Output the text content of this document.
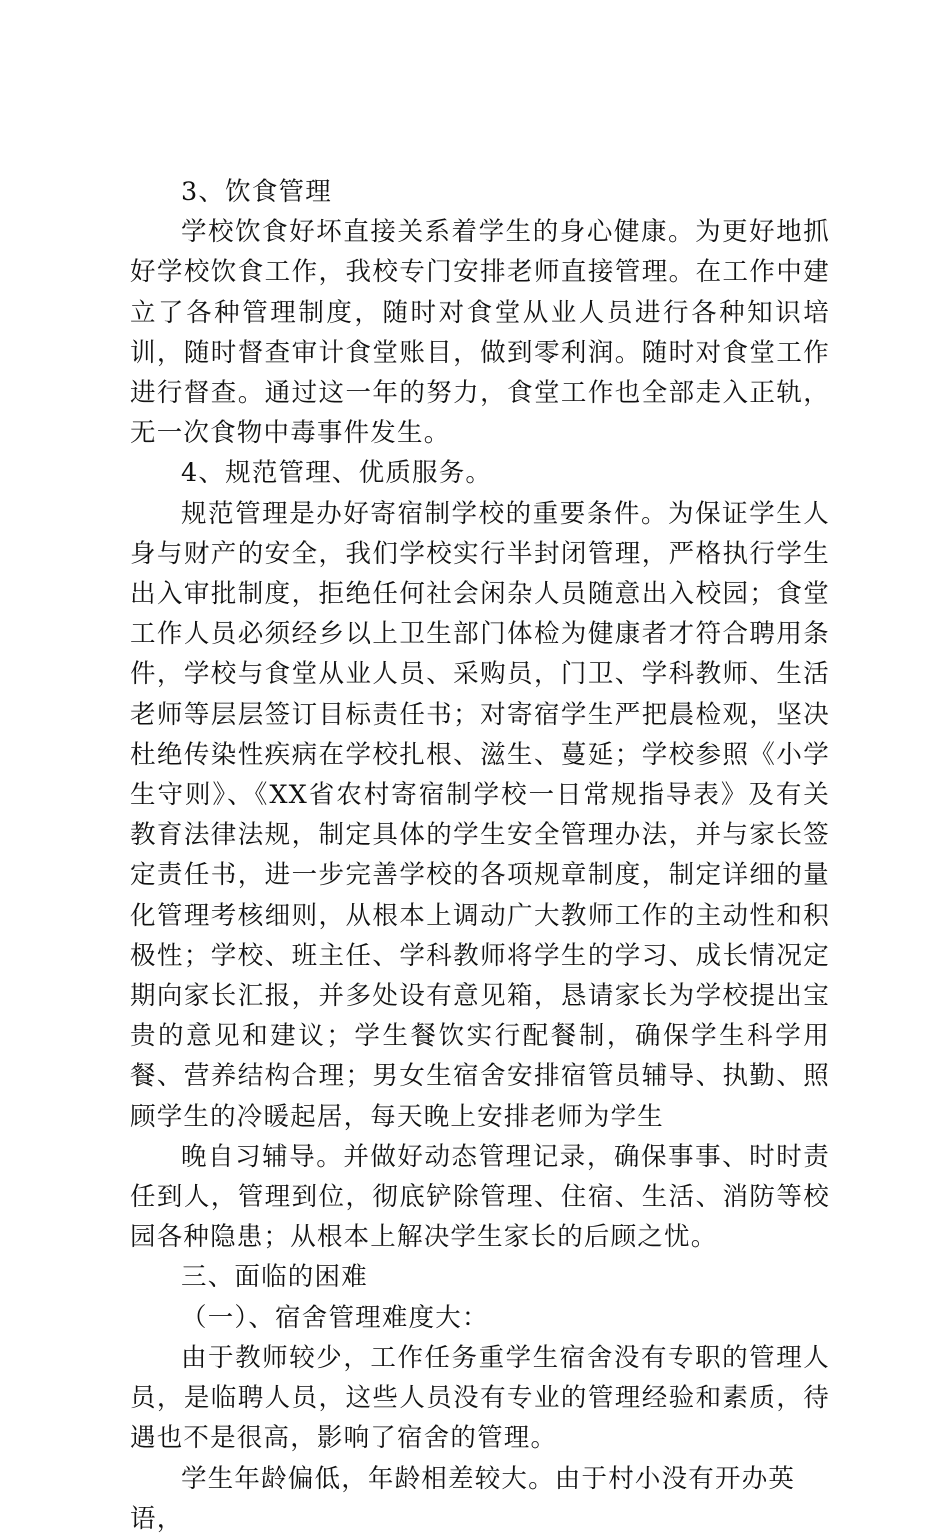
3、饮食管理

学校饮食好坏直接关系着学生的身心健康。为更好地抓好学校饮食工作，我校专门安排老师直接管理。在工作中建立了各种管理制度，随时对食堂从业人员进行各种知识培训，随时督查审计食堂账目，做到零利润。随时对食堂工作进行督查。通过这一年的努力，食堂工作也全部走入正轨，无一次食物中毒事件发生。

4、规范管理、优质服务。

规范管理是办好寄宿制学校的重要条件。为保证学生人身与财产的安全，我们学校实行半封闭管理，严格执行学生出入审批制度，拒绝任何社会闲杂人员随意出入校园；食堂工作人员必须经乡以上卫生部门体检为健康者才符合聘用条件，学校与食堂从业人员、采购员，门卫、学科教师、生活老师等层层签订目标责任书；对寄宿学生严把晨检观，坚决杜绝传染性疾病在学校扎根、滋生、蔓延；学校参照《小学生守则》、《XX省农村寄宿制学校一日常规指导表》及有关教育法律法规，制定具体的学生安全管理办法，并与家长签定责任书，进一步完善学校的各项规章制度，制定详细的量化管理考核细则，从根本上调动广大教师工作的主动性和积极性；学校、班主任、学科教师将学生的学习、成长情况定期向家长汇报，并多处设有意见箱，恳请家长为学校提出宝贵的意见和建议；学生餐饮实行配餐制，确保学生科学用餐、营养结构合理；男女生宿舍安排宿管员辅导、执勤、照顾学生的冷暖起居，每天晚上安排老师为学生

晚自习辅导。并做好动态管理记录，确保事事、时时责任到人，管理到位，彻底铲除管理、住宿、生活、消防等校园各种隐患；从根本上解决学生家长的后顾之忧。

三、面临的困难

（一）、宿舍管理难度大：

由于教师较少，工作任务重学生宿舍没有专职的管理人员，是临聘人员，这些人员没有专业的管理经验和素质，待遇也不是很高，影响了宿舍的管理。

学生年龄偏低，年龄相差较大。由于村小没有开办英语，
